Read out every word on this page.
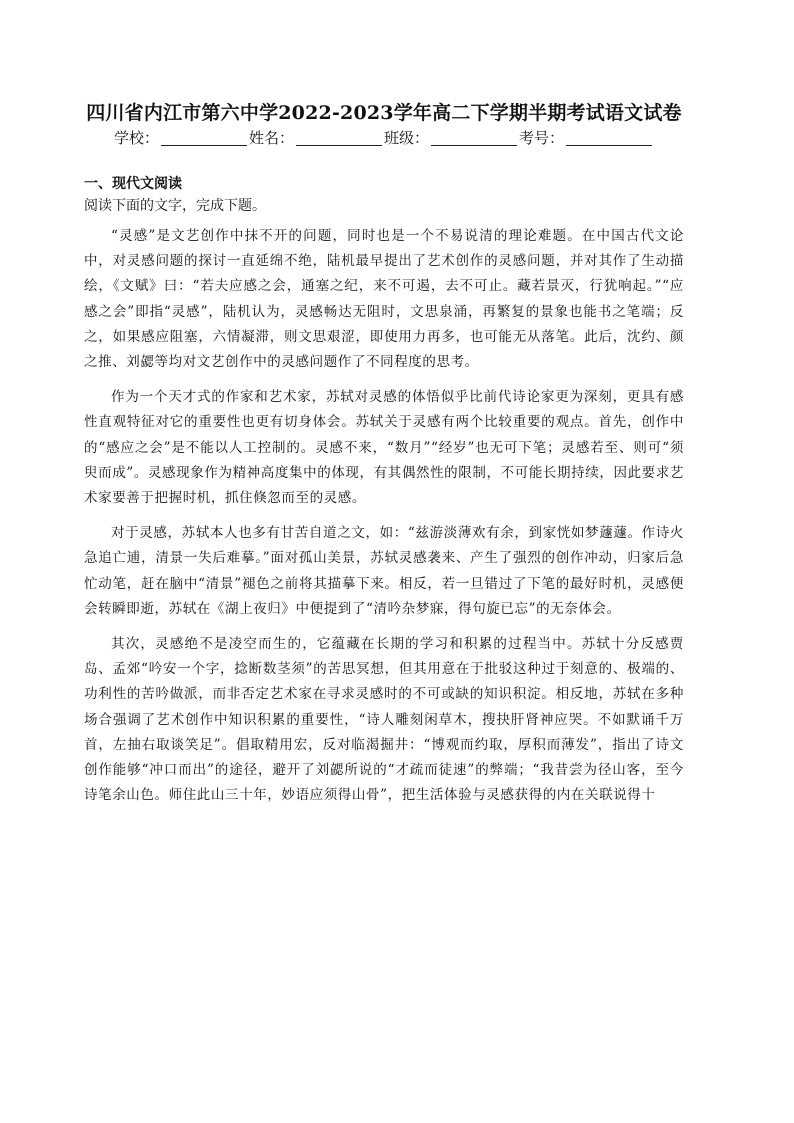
四川省内江市第六中学2022-2023学年高二下学期半期考试语文试卷
学校：	姓名：	班级：	考号：
一、现代文阅读
阅读下面的文字，完成下题。

“灵感”是文艺创作中抹不开的问题，同时也是一个不易说清的理论难题。在中国古代文论中，对灵感问题的探讨一直延绵不绝，陆机最早提出了艺术创作的灵感问题，并对其作了生动描绘，《文赋》曰：“若夫应感之会，通塞之纪，来不可遏，去不可止。藏若景灭，行犹响起。”“应感之会”即指“灵感”，陆机认为，灵感畅达无阻时，文思泉涌，再繁复的景象也能书之笔端；反之，如果感应阻塞，六情凝滞，则文思艰涩，即使用力再多，也可能无从落笔。此后，沈约、颜之推、刘勰等均对文艺创作中的灵感问题作了不同程度的思考。

作为一个天才式的作家和艺术家，苏轼对灵感的体悟似乎比前代诗论家更为深刻，更具有感性直观特征对它的重要性也更有切身体会。苏轼关于灵感有两个比较重要的观点。首先，创作中的“感应之会”是不能以人工控制的。灵感不来，“数月”“经岁”也无可下笔；灵感若至、则可“须臾而成”。灵感现象作为精神高度集中的体现，有其偶然性的限制，不可能长期持续，因此要求艺术家要善于把握时机，抓住倏忽而至的灵感。

对于灵感，苏轼本人也多有甘苦自道之文，如：“兹游淡薄欢有余，到家恍如梦蘧蘧。作诗火急追亡逋，清景一失后难摹。”面对孤山美景，苏轼灵感袭来、产生了强烈的创作冲动，归家后急忙动笔，赶在脑中“清景”褪色之前将其描摹下来。相反，若一旦错过了下笔的最好时机，灵感便会转瞬即逝，苏轼在《湖上夜归》中便提到了“清吟杂梦寐，得句旋已忘”的无奈体会。

其次，灵感绝不是凌空而生的，它蕴藏在长期的学习和积累的过程当中。苏轼十分反感贾岛、孟郊“吟安一个字，捻断数茎须”的苦思冥想，但其用意在于批驳这种过于刻意的、极端的、功利性的苦吟做派，而非否定艺术家在寻求灵感时的不可或缺的知识积淀。相反地，苏轼在多种场合强调了艺术创作中知识积累的重要性，“诗人雕刻闲草木，搜抉肝肾神应哭。不如默诵千万首，左抽右取谈笑足”。倡取精用宏，反对临渴掘井：“博观而约取，厚积而薄发”，指出了诗文创作能够“冲口而出”的途径，避开了刘勰所说的“才疏而徒速”的弊端；“我昔尝为径山客，至今诗笔余山色。师住此山三十年，妙语应须得山骨”，把生活体验与灵感获得的内在关联说得十
